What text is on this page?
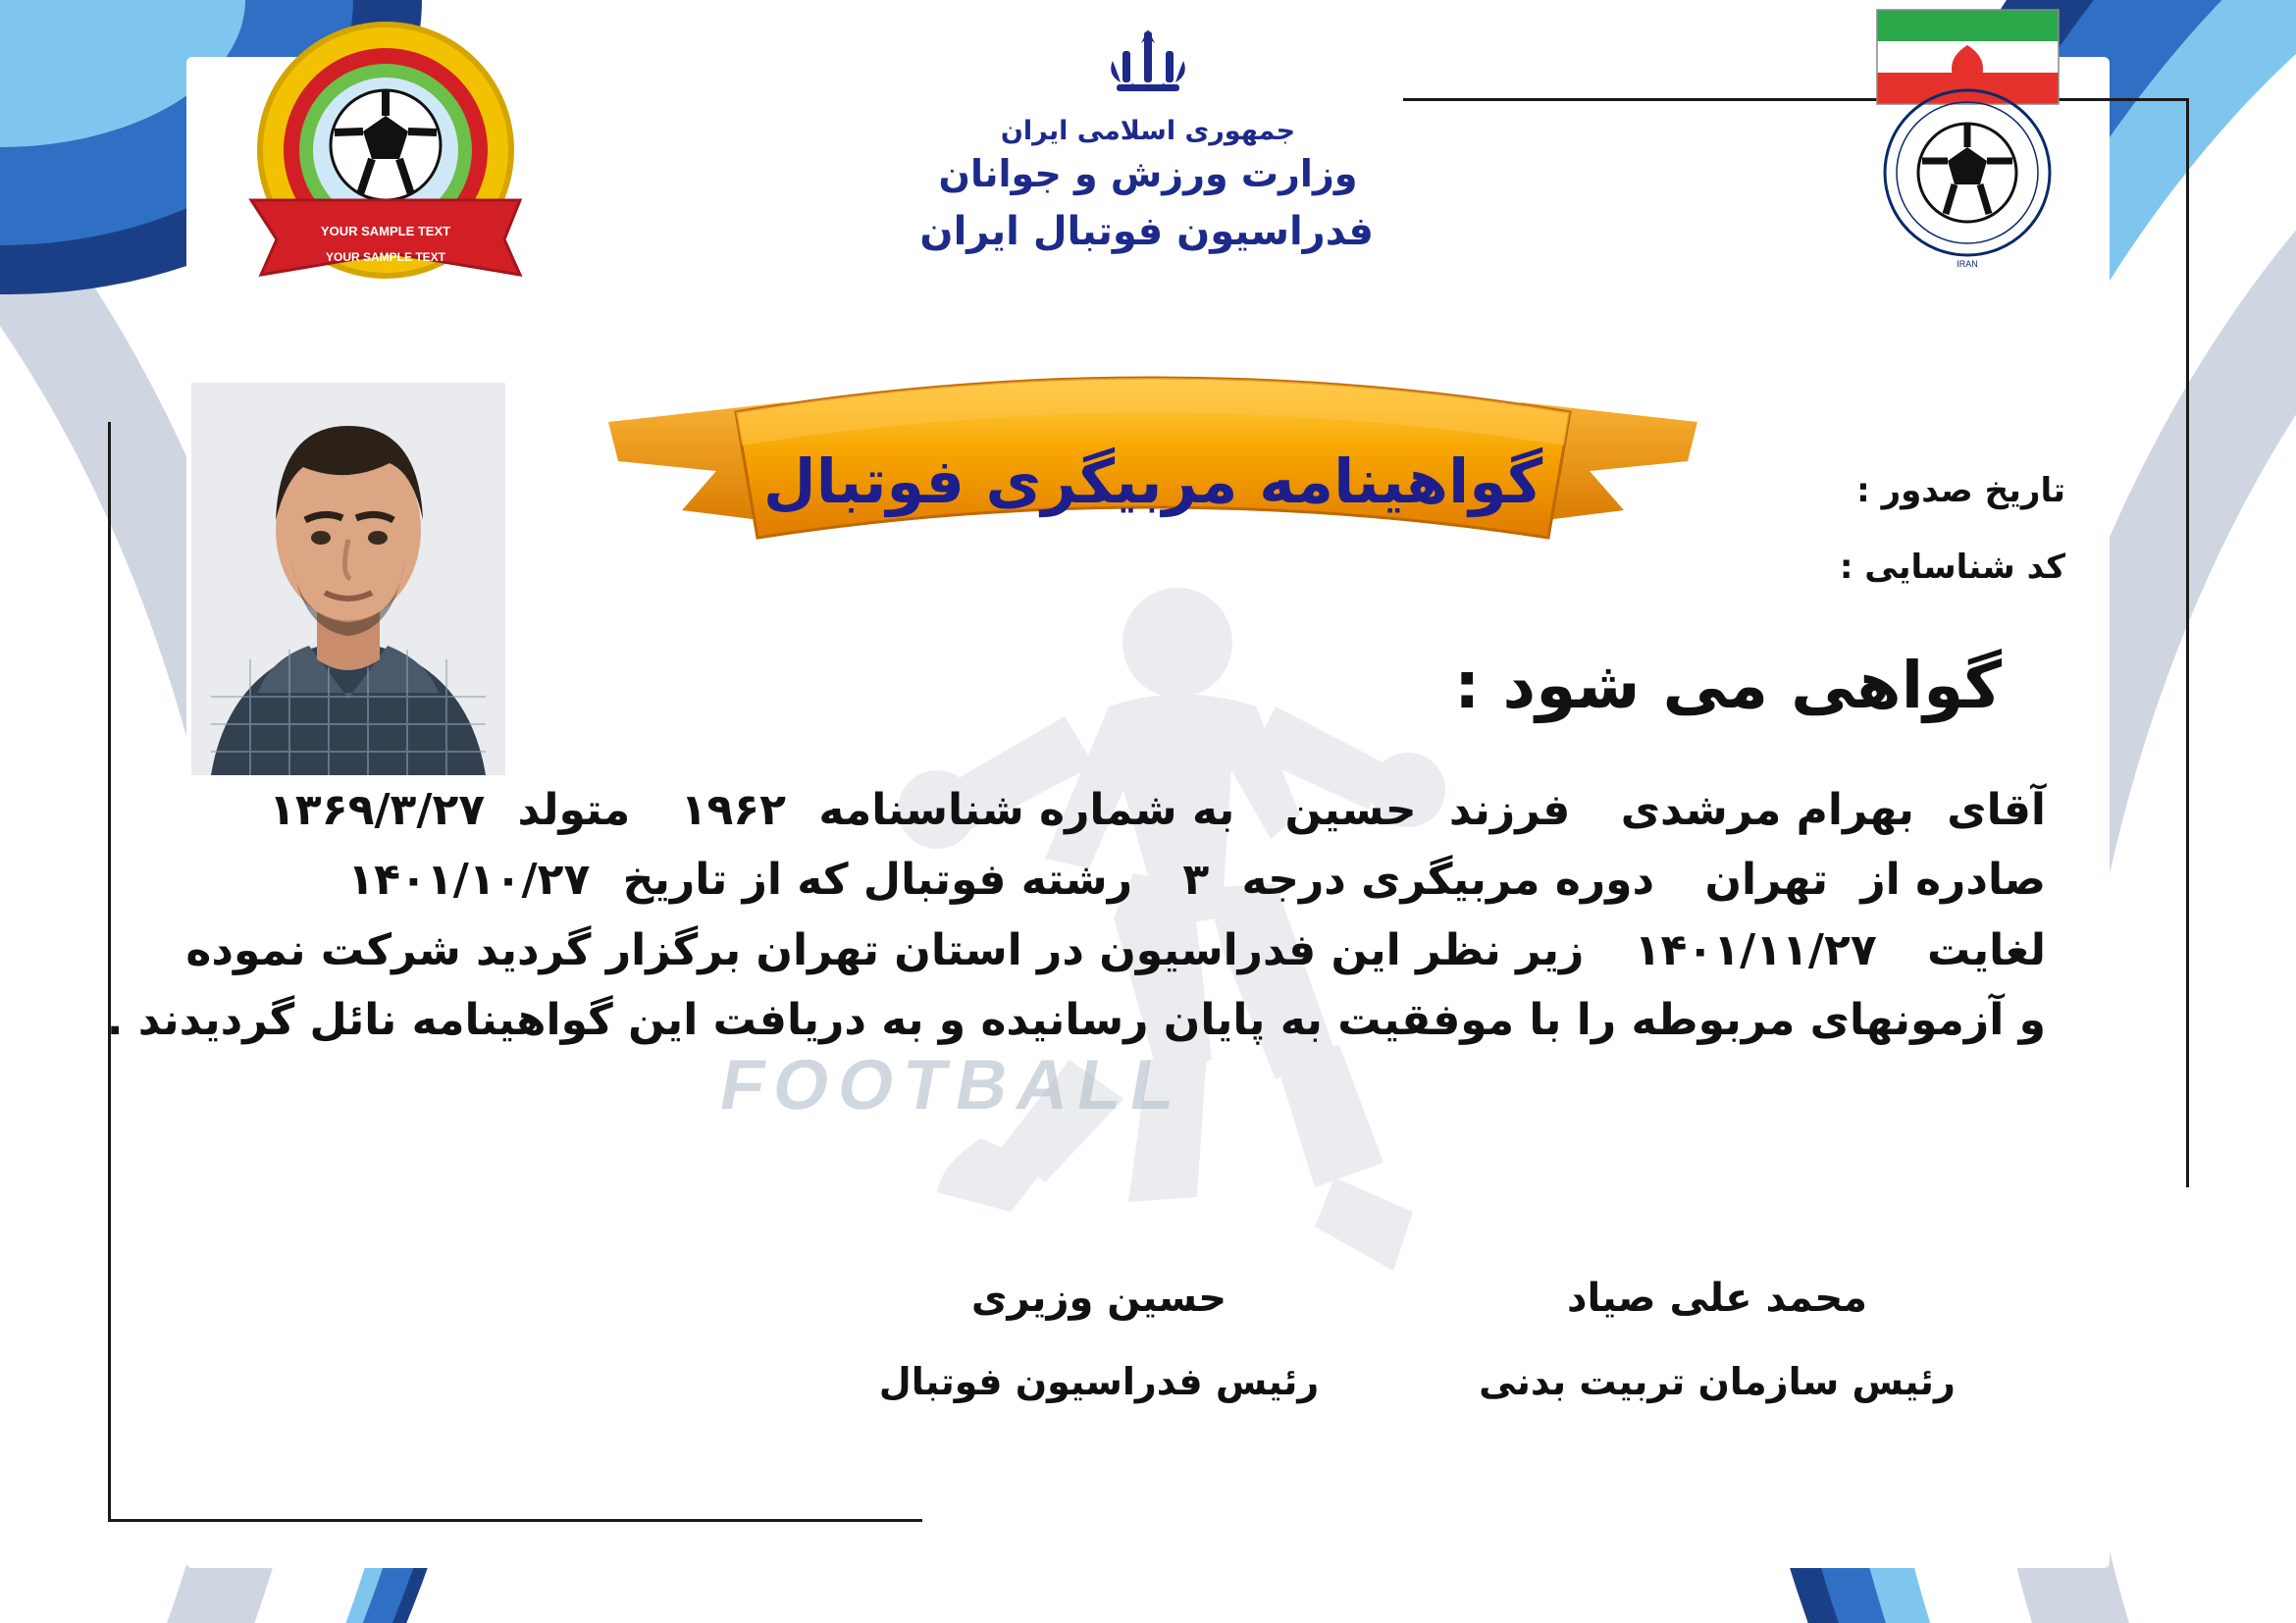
FOOTBALL
IRAN
YOUR SAMPLE TEXT
YOUR SAMPLE TEXT
جمهوری اسلامی ایران
وزارت ورزش و جوانان
فدراسیون فوتبال ایران
گواهینامه مربیگری فوتبال	تاریخ صدور :
کد شناسایی :
گواهی می شود :
آقای بهرام مرشدی فرزند حسین به شماره شناسنامه ۱۹۶۲ متولد ۱۳۶۹/۳/۲۷
صادره از تهران دوره مربیگری درجه ۳ رشته فوتبال که از تاریخ ۱۴۰۱/۱۰/۲۷
لغایت ۱۴۰۱/۱۱/۲۷ زیر نظر این فدراسیون در استان تهران برگزار گردید شرکت نموده
و آزمونهای مربوطه را با موفقیت به پایان رسانیده و به دریافت این گواهینامه نائل گردیدند .
حسین وزیری
رئیس فدراسیون فوتبال
محمد علی صیاد
رئیس سازمان تربیت بدنی
